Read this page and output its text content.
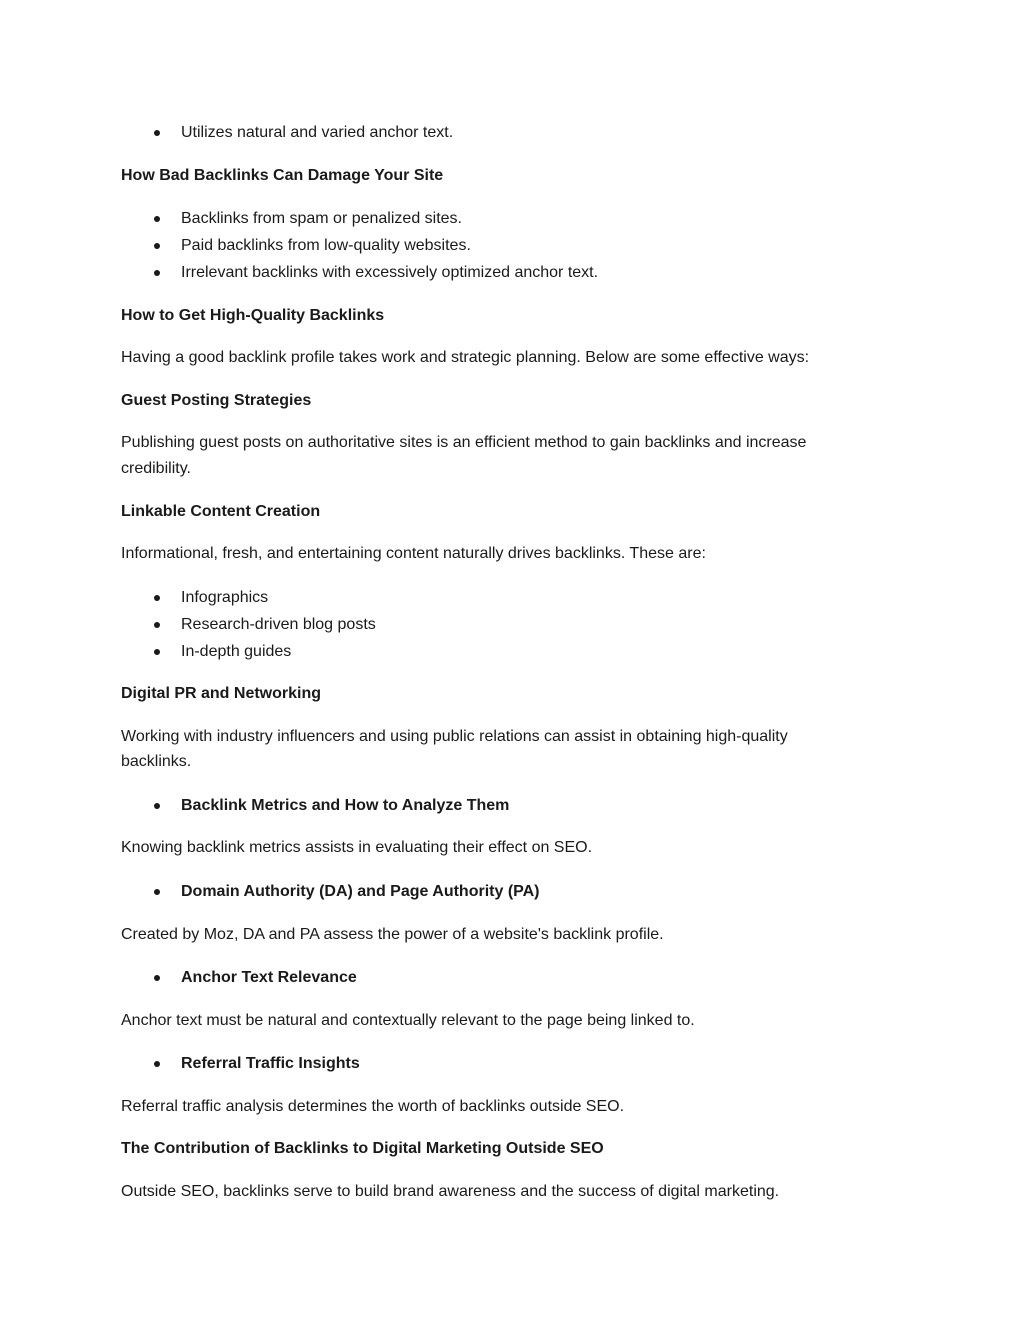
Utilizes natural and varied anchor text.
How Bad Backlinks Can Damage Your Site
Backlinks from spam or penalized sites.
Paid backlinks from low-quality websites.
Irrelevant backlinks with excessively optimized anchor text.
How to Get High-Quality Backlinks
Having a good backlink profile takes work and strategic planning. Below are some effective ways:
Guest Posting Strategies
Publishing guest posts on authoritative sites is an efficient method to gain backlinks and increase
credibility.
Linkable Content Creation
Informational, fresh, and entertaining content naturally drives backlinks. These are:
Infographics
Research-driven blog posts
In-depth guides
Digital PR and Networking
Working with industry influencers and using public relations can assist in obtaining high-quality
backlinks.
Backlink Metrics and How to Analyze Them
Knowing backlink metrics assists in evaluating their effect on SEO.
Domain Authority (DA) and Page Authority (PA)
Created by Moz, DA and PA assess the power of a website's backlink profile.
Anchor Text Relevance
Anchor text must be natural and contextually relevant to the page being linked to.
Referral Traffic Insights
Referral traffic analysis determines the worth of backlinks outside SEO.
The Contribution of Backlinks to Digital Marketing Outside SEO
Outside SEO, backlinks serve to build brand awareness and the success of digital marketing.
